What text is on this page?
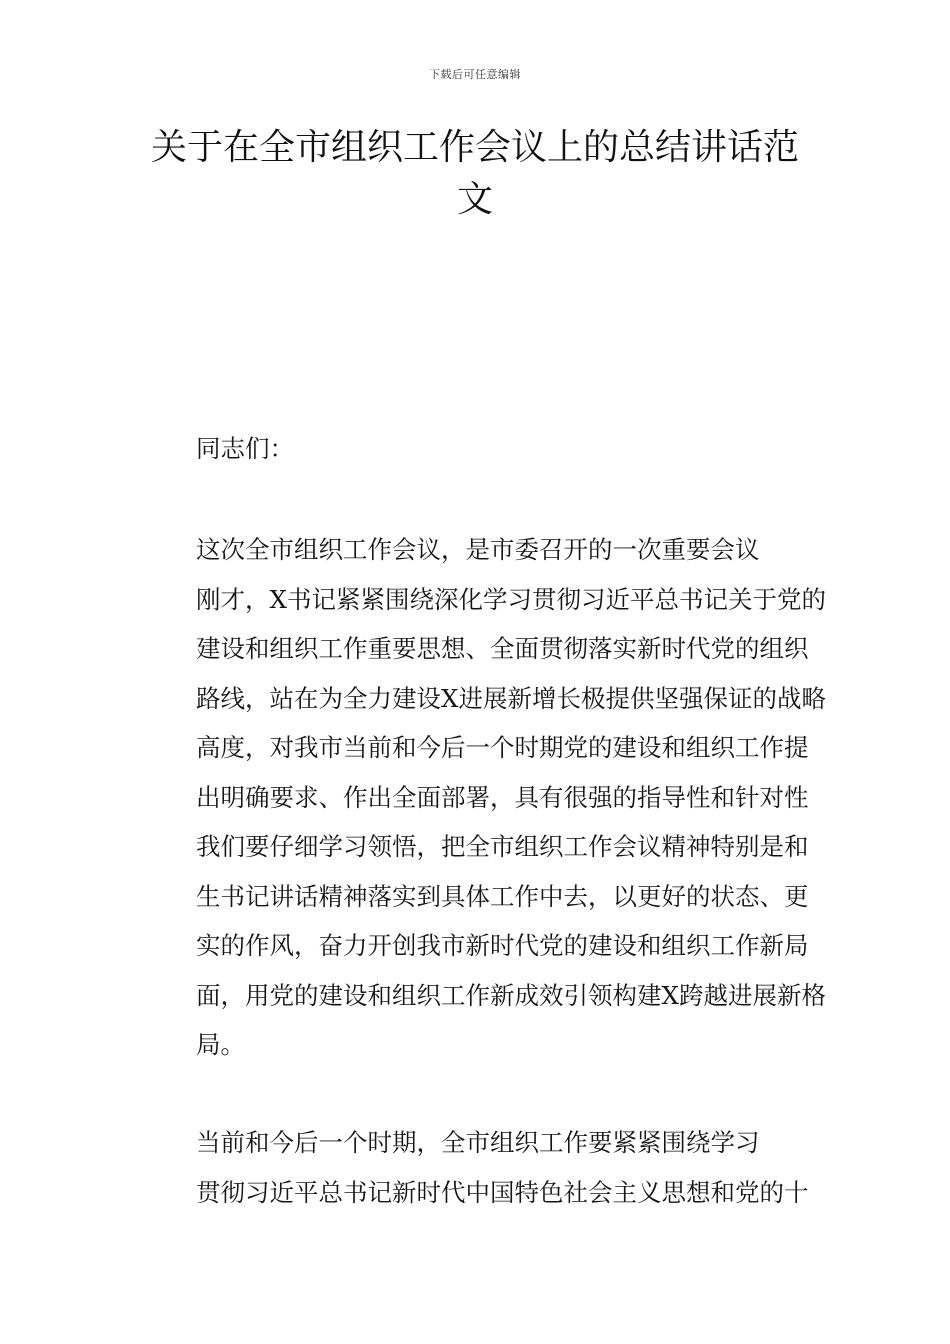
下载后可任意编辑
关于在全市组织工作会议上的总结讲话范
文

同志们：

这次全市组织工作会议，是市委召开的一次重要会议
刚才，X书记紧紧围绕深化学习贯彻习近平总书记关于党的
建设和组织工作重要思想、全面贯彻落实新时代党的组织
路线，站在为全力建设X进展新增长极提供坚强保证的战略
高度，对我市当前和今后一个时期党的建设和组织工作提
出明确要求、作出全面部署，具有很强的指导性和针对性
我们要仔细学习领悟，把全市组织工作会议精神特别是和
生书记讲话精神落实到具体工作中去，以更好的状态、更
实的作风，奋力开创我市新时代党的建设和组织工作新局
面，用党的建设和组织工作新成效引领构建X跨越进展新格
局。
当前和今后一个时期，全市组织工作要紧紧围绕学习
贯彻习近平总书记新时代中国特色社会主义思想和党的十
